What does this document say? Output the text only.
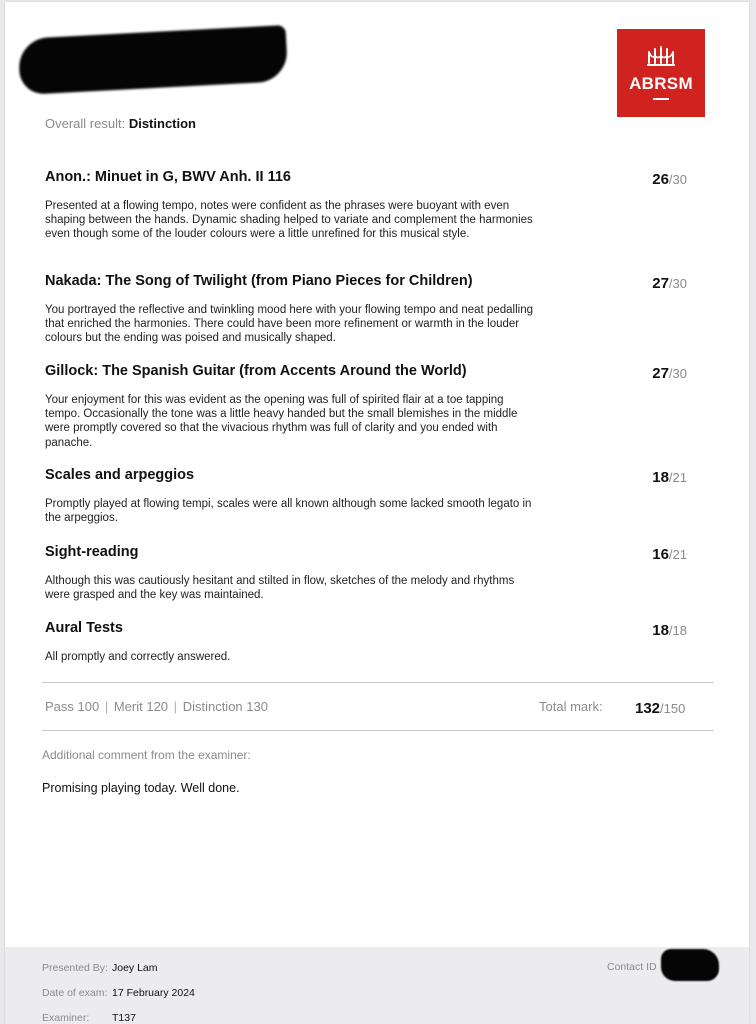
ABRSM
Overall result: Distinction
Anon.: Minuet in G, BWV Anh. II 116
Presented at a flowing tempo, notes were confident as the phrases were buoyant with even shaping between the hands. Dynamic shading helped to variate and complement the harmonies even though some of the louder colours were a little unrefined for this musical style.
26/30
Nakada: The Song of Twilight (from Piano Pieces for Children)
You portrayed the reflective and twinkling mood here with your flowing tempo and neat pedalling that enriched the harmonies. There could have been more refinement or warmth in the louder colours but the ending was poised and musically shaped.
27/30
Gillock: The Spanish Guitar (from Accents Around the World)
Your enjoyment for this was evident as the opening was full of spirited flair at a toe tapping tempo. Occasionally the tone was a little heavy handed but the small blemishes in the middle were promptly covered so that the vivacious rhythm was full of clarity and you ended with panache.
27/30
Scales and arpeggios
Promptly played at flowing tempi, scales were all known although some lacked smooth legato in the arpeggios.
18/21
Sight-reading
Although this was cautiously hesitant and stilted in flow, sketches of the melody and rhythms were grasped and the key was maintained.
16/21
Aural Tests
All promptly and correctly answered.
18/18
Pass 100 | Merit 120 | Distinction 130	Total mark: 132/150
Additional comment from the examiner:
Promising playing today. Well done.
Presented By: Joey Lam
Date of exam: 17 February 2024
Examiner: T137
Contact ID
